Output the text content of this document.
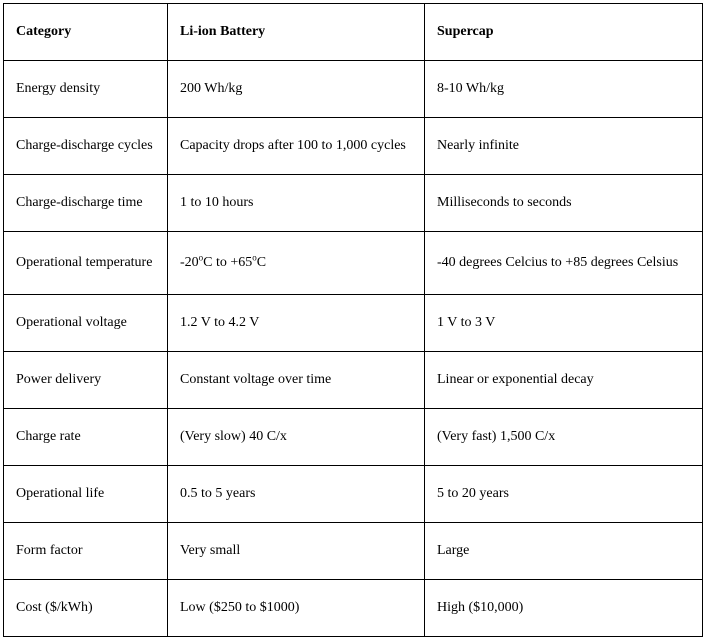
Category	Li-ion Battery	Supercap
Energy density	200 Wh/kg	8-10 Wh/kg
Charge-discharge cycles	Capacity drops after 100 to 1,000 cycles	Nearly infinite
Charge-discharge time	1 to 10 hours	Milliseconds to seconds
Operational temperature	-20$^o$C to $+65^oC$	-40 degrees Celcius to +85 degrees Celsius
Operational voltage	1.2 V to 4.2 V	1 V to 3 V
Power delivery	Constant voltage over time	Linear or exponential decay
Charge rate	(Very slow) 40 C/x	(Very fast) 1,500 C/x
Operational life	0.5 to 5 years	5 to 20 years
Form factor	Very small	Large
Cost ($/kWh)	Low ($250 to $1000)	High ($10,000)
